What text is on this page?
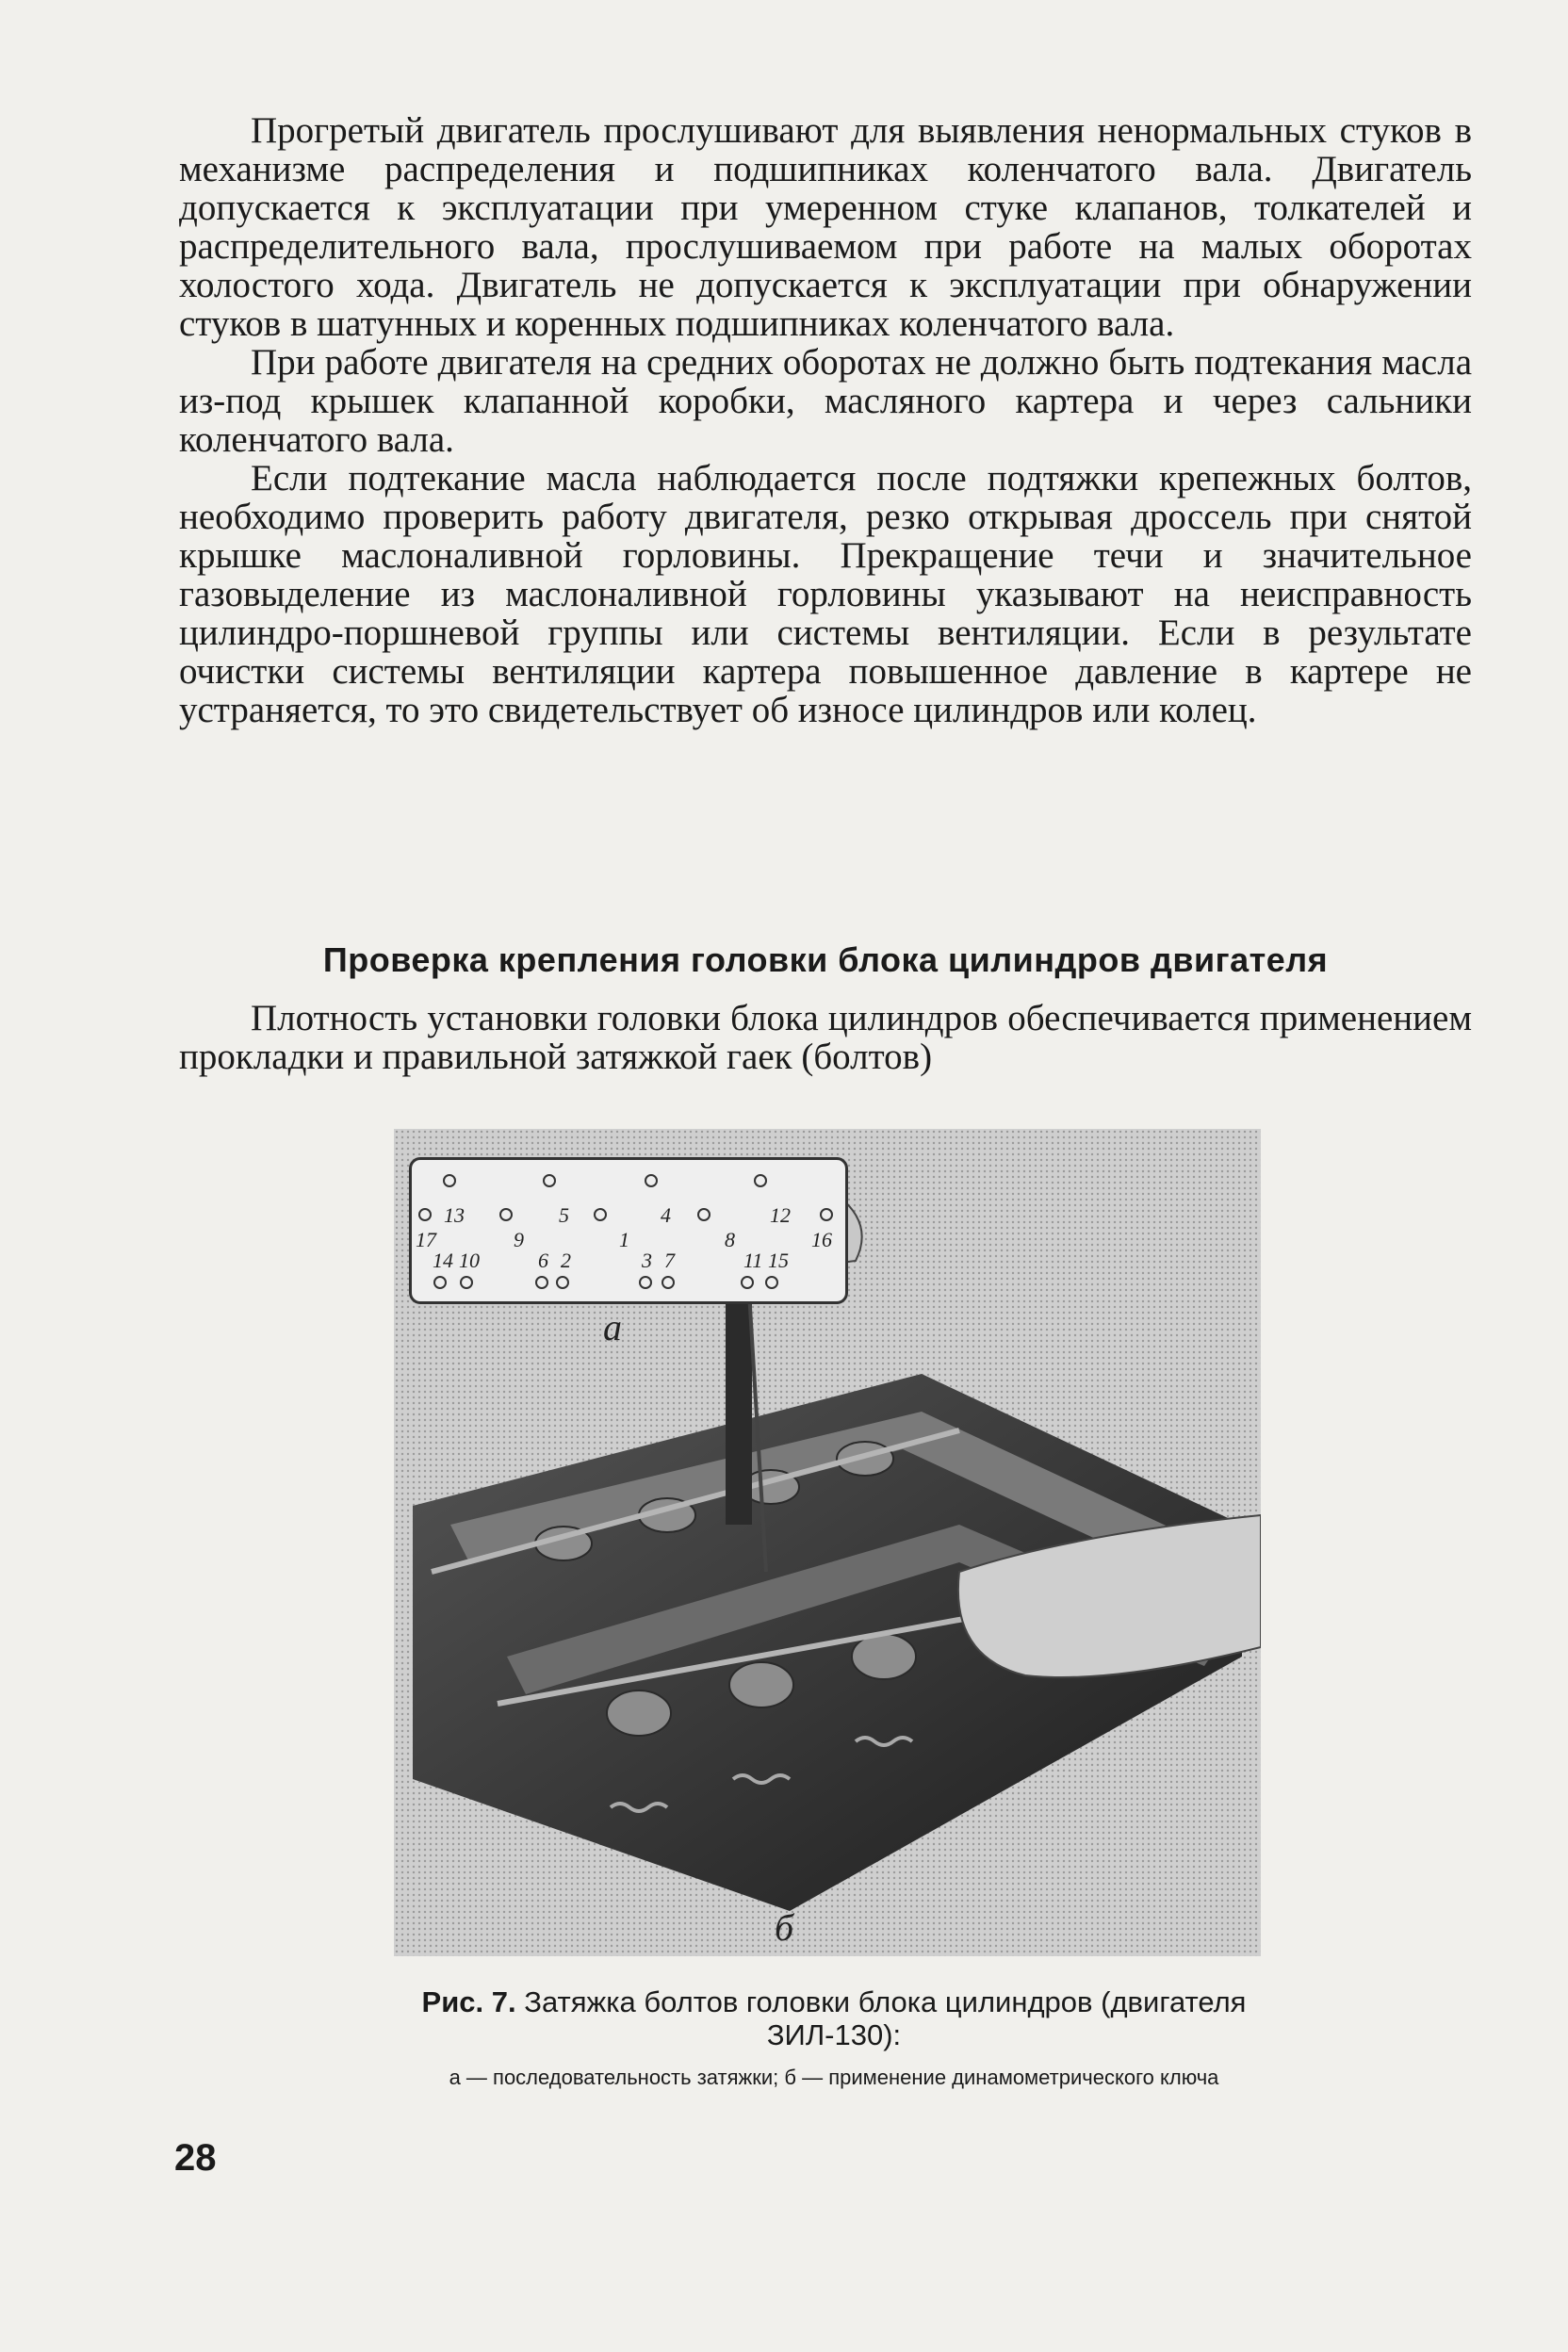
Прогретый двигатель прослушивают для выявления ненормальных стуков в механизме распределения и подшипниках коленчатого вала. Двигатель допускается к эксплуатации при умеренном стуке клапанов, толкателей и распределительного вала, прослушиваемом при работе на малых оборотах холостого хода. Двигатель не допускается к эксплуатации при обнаружении стуков в шатунных и коренных подшипниках коленчатого вала.

При работе двигателя на средних оборотах не должно быть подтекания масла из-под крышек клапанной коробки, масляного картера и через сальники коленчатого вала.

Если подтекание масла наблюдается после подтяжки крепежных болтов, необходимо проверить работу двигателя, резко открывая дроссель при снятой крышке маслоналивной горловины. Прекращение течи и значительное газовыделение из маслоналивной горловины указывают на неисправность цилиндро-поршневой группы или системы вентиляции. Если в результате очистки системы вентиляции картера повышенное давление в картере не устраняется, то это свидетельствует об износе цилиндров или колец.

Проверка крепления головки блока цилиндров двигателя

Плотность установки головки блока цилиндров обеспечивается применением прокладки и правильной затяжкой гаек (болтов)

13	5	4	12
17	9	1	8	16
14 10	6 2	3 7	11 15
а
б
Рис. 7. Затяжка болтов головки блока цилиндров (двигателя ЗИЛ-130):
а — последовательность затяжки; б — применение динамометрического ключа
28
